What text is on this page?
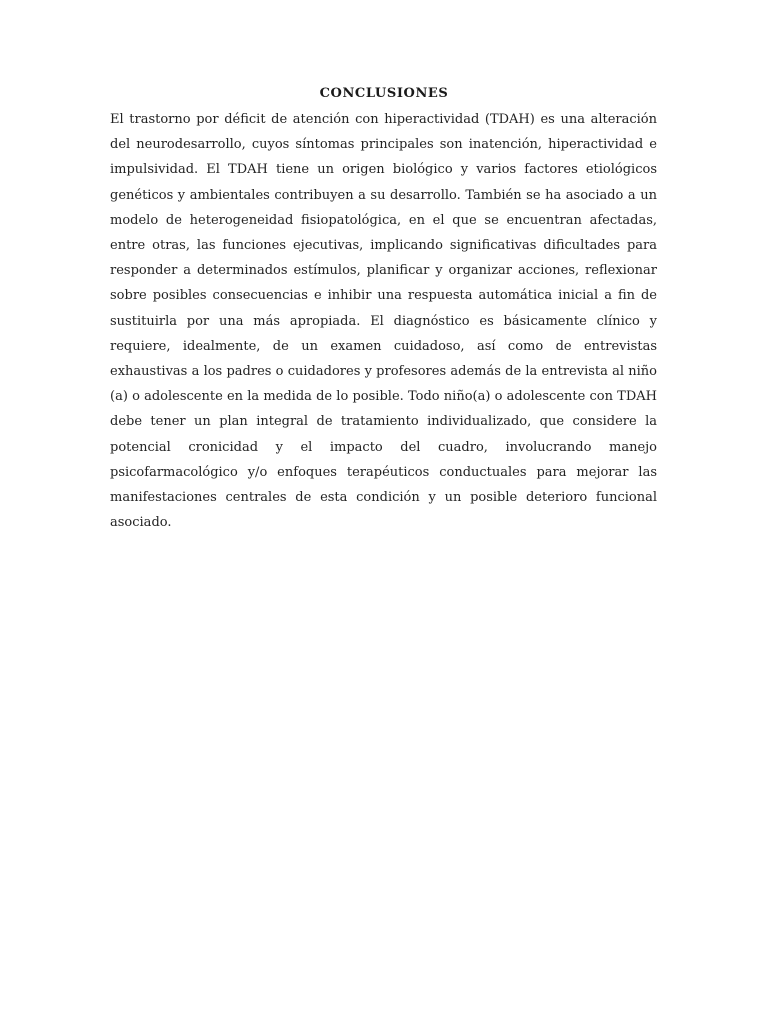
CONCLUSIONES

El trastorno por déficit de atención con hiperactividad (TDAH) es una alteración del neurodesarrollo, cuyos síntomas principales son inatención, hiperactividad e impulsividad. El TDAH tiene un origen biológico y varios factores etiológicos genéticos y ambientales contribuyen a su desarrollo. También se ha asociado a un modelo de heterogeneidad fisiopatológica, en el que se encuentran afectadas, entre otras, las funciones ejecutivas, implicando significativas dificultades para responder a determinados estímulos, planificar y organizar acciones, reflexionar sobre posibles consecuencias e inhibir una respuesta automática inicial a fin de sustituirla por una más apropiada. El diagnóstico es básicamente clínico y requiere, idealmente, de un examen cuidadoso, así como de entrevistas exhaustivas a los padres o cuidadores y profesores además de la entrevista al niño (a) o adolescente en la medida de lo posible. Todo niño(a) o adolescente con TDAH debe tener un plan integral de tratamiento individualizado, que considere la potencial cronicidad y el impacto del cuadro, involucrando manejo psicofarmacológico y/o enfoques terapéuticos conductuales para mejorar las manifestaciones centrales de esta condición y un posible deterioro funcional asociado.
